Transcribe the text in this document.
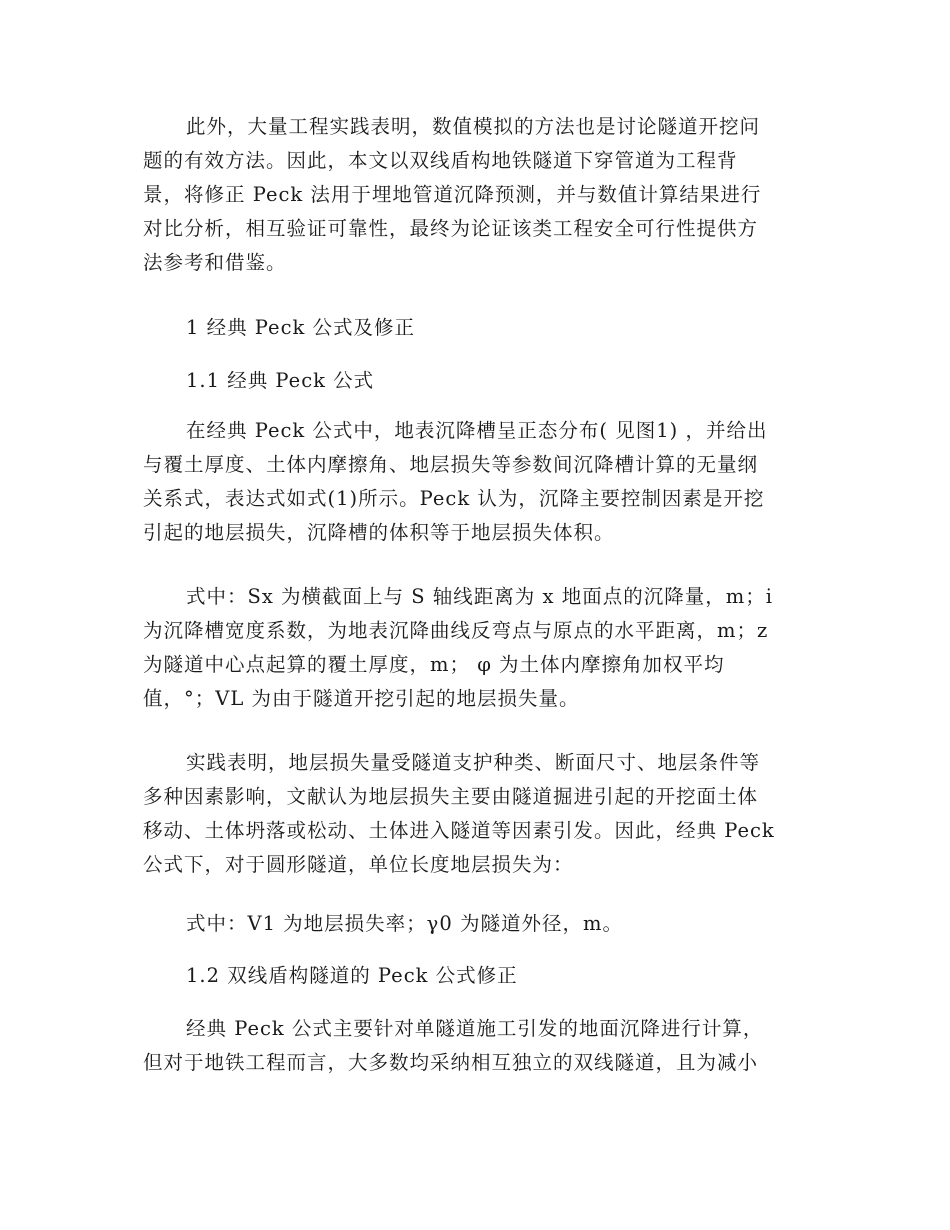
此外，大量工程实践表明，数值模拟的方法也是讨论隧道开挖问
题的有效方法。因此，本文以双线盾构地铁隧道下穿管道为工程背
景，将修正 Peck 法用于埋地管道沉降预测，并与数值计算结果进行
对比分析，相互验证可靠性，最终为论证该类工程安全可行性提供方
法参考和借鉴。
1 经典 Peck 公式及修正
1.1 经典 Peck 公式
在经典 Peck 公式中，地表沉降槽呈正态分布( 见图1) ，并给出
与覆土厚度、土体内摩擦角、地层损失等参数间沉降槽计算的无量纲
关系式，表达式如式(1)所示。Peck 认为，沉降主要控制因素是开挖
引起的地层损失，沉降槽的体积等于地层损失体积。
式中：Sx 为横截面上与 S 轴线距离为 x 地面点的沉降量，m；i
为沉降槽宽度系数，为地表沉降曲线反弯点与原点的水平距离，m；z
为隧道中心点起算的覆土厚度，m； φ 为土体内摩擦角加权平均
值，°；VL 为由于隧道开挖引起的地层损失量。
实践表明，地层损失量受隧道支护种类、断面尺寸、地层条件等
多种因素影响，文献认为地层损失主要由隧道掘进引起的开挖面土体
移动、土体坍落或松动、土体进入隧道等因素引发。因此，经典 Peck
公式下，对于圆形隧道，单位长度地层损失为：
式中：V1 为地层损失率；γ0 为隧道外径，m。
1.2 双线盾构隧道的 Peck 公式修正
经典 Peck 公式主要针对单隧道施工引发的地面沉降进行计算，
但对于地铁工程而言，大多数均采纳相互独立的双线隧道，且为减小
